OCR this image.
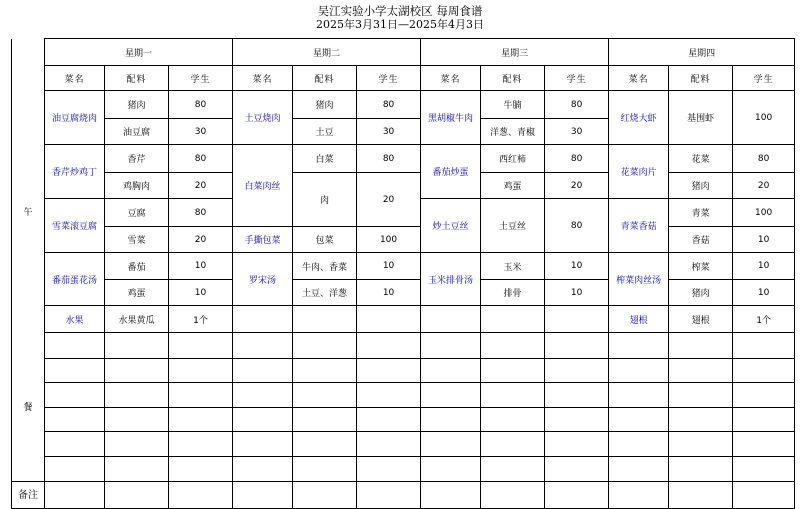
吴江实验小学太湖校区 每周食谱
2025年3月31日—2025年4月3日
	星期一			星期二			星期三			星期四		
	菜名	配料	学生	菜名	配料	学生	菜名	配料	学生	菜名	配料	学生
午	油豆腐烧肉	猪肉	80	土豆烧肉	猪肉	80	黑胡椒牛肉	牛腩	80	红烧大虾	基围虾	100
		油豆腐	30		土豆	30		洋葱、青椒	30			
	香芹炒鸡丁	香芹	80	白菜肉丝	白菜	80	番茄炒蛋	西红柿	80	花菜肉片	花菜	80
		鸡胸肉	20		肉	20		鸡蛋	20		猪肉	20
	雪菜滚豆腐	豆腐	80				炒土豆丝	土豆丝	80	青菜香菇	青菜	100
		雪菜	20	手撕包菜	包菜	100					香菇	10
	番茄蛋花汤	番茄	10	罗宋汤	牛肉、香菜	10	玉米排骨汤	玉米	10	榨菜肉丝汤	榨菜	10
		鸡蛋	10		土豆、洋葱	10		排骨	10		猪肉	10
	水果	水果黄瓜	1个							翅根	翅根	1个
餐												

备注												
